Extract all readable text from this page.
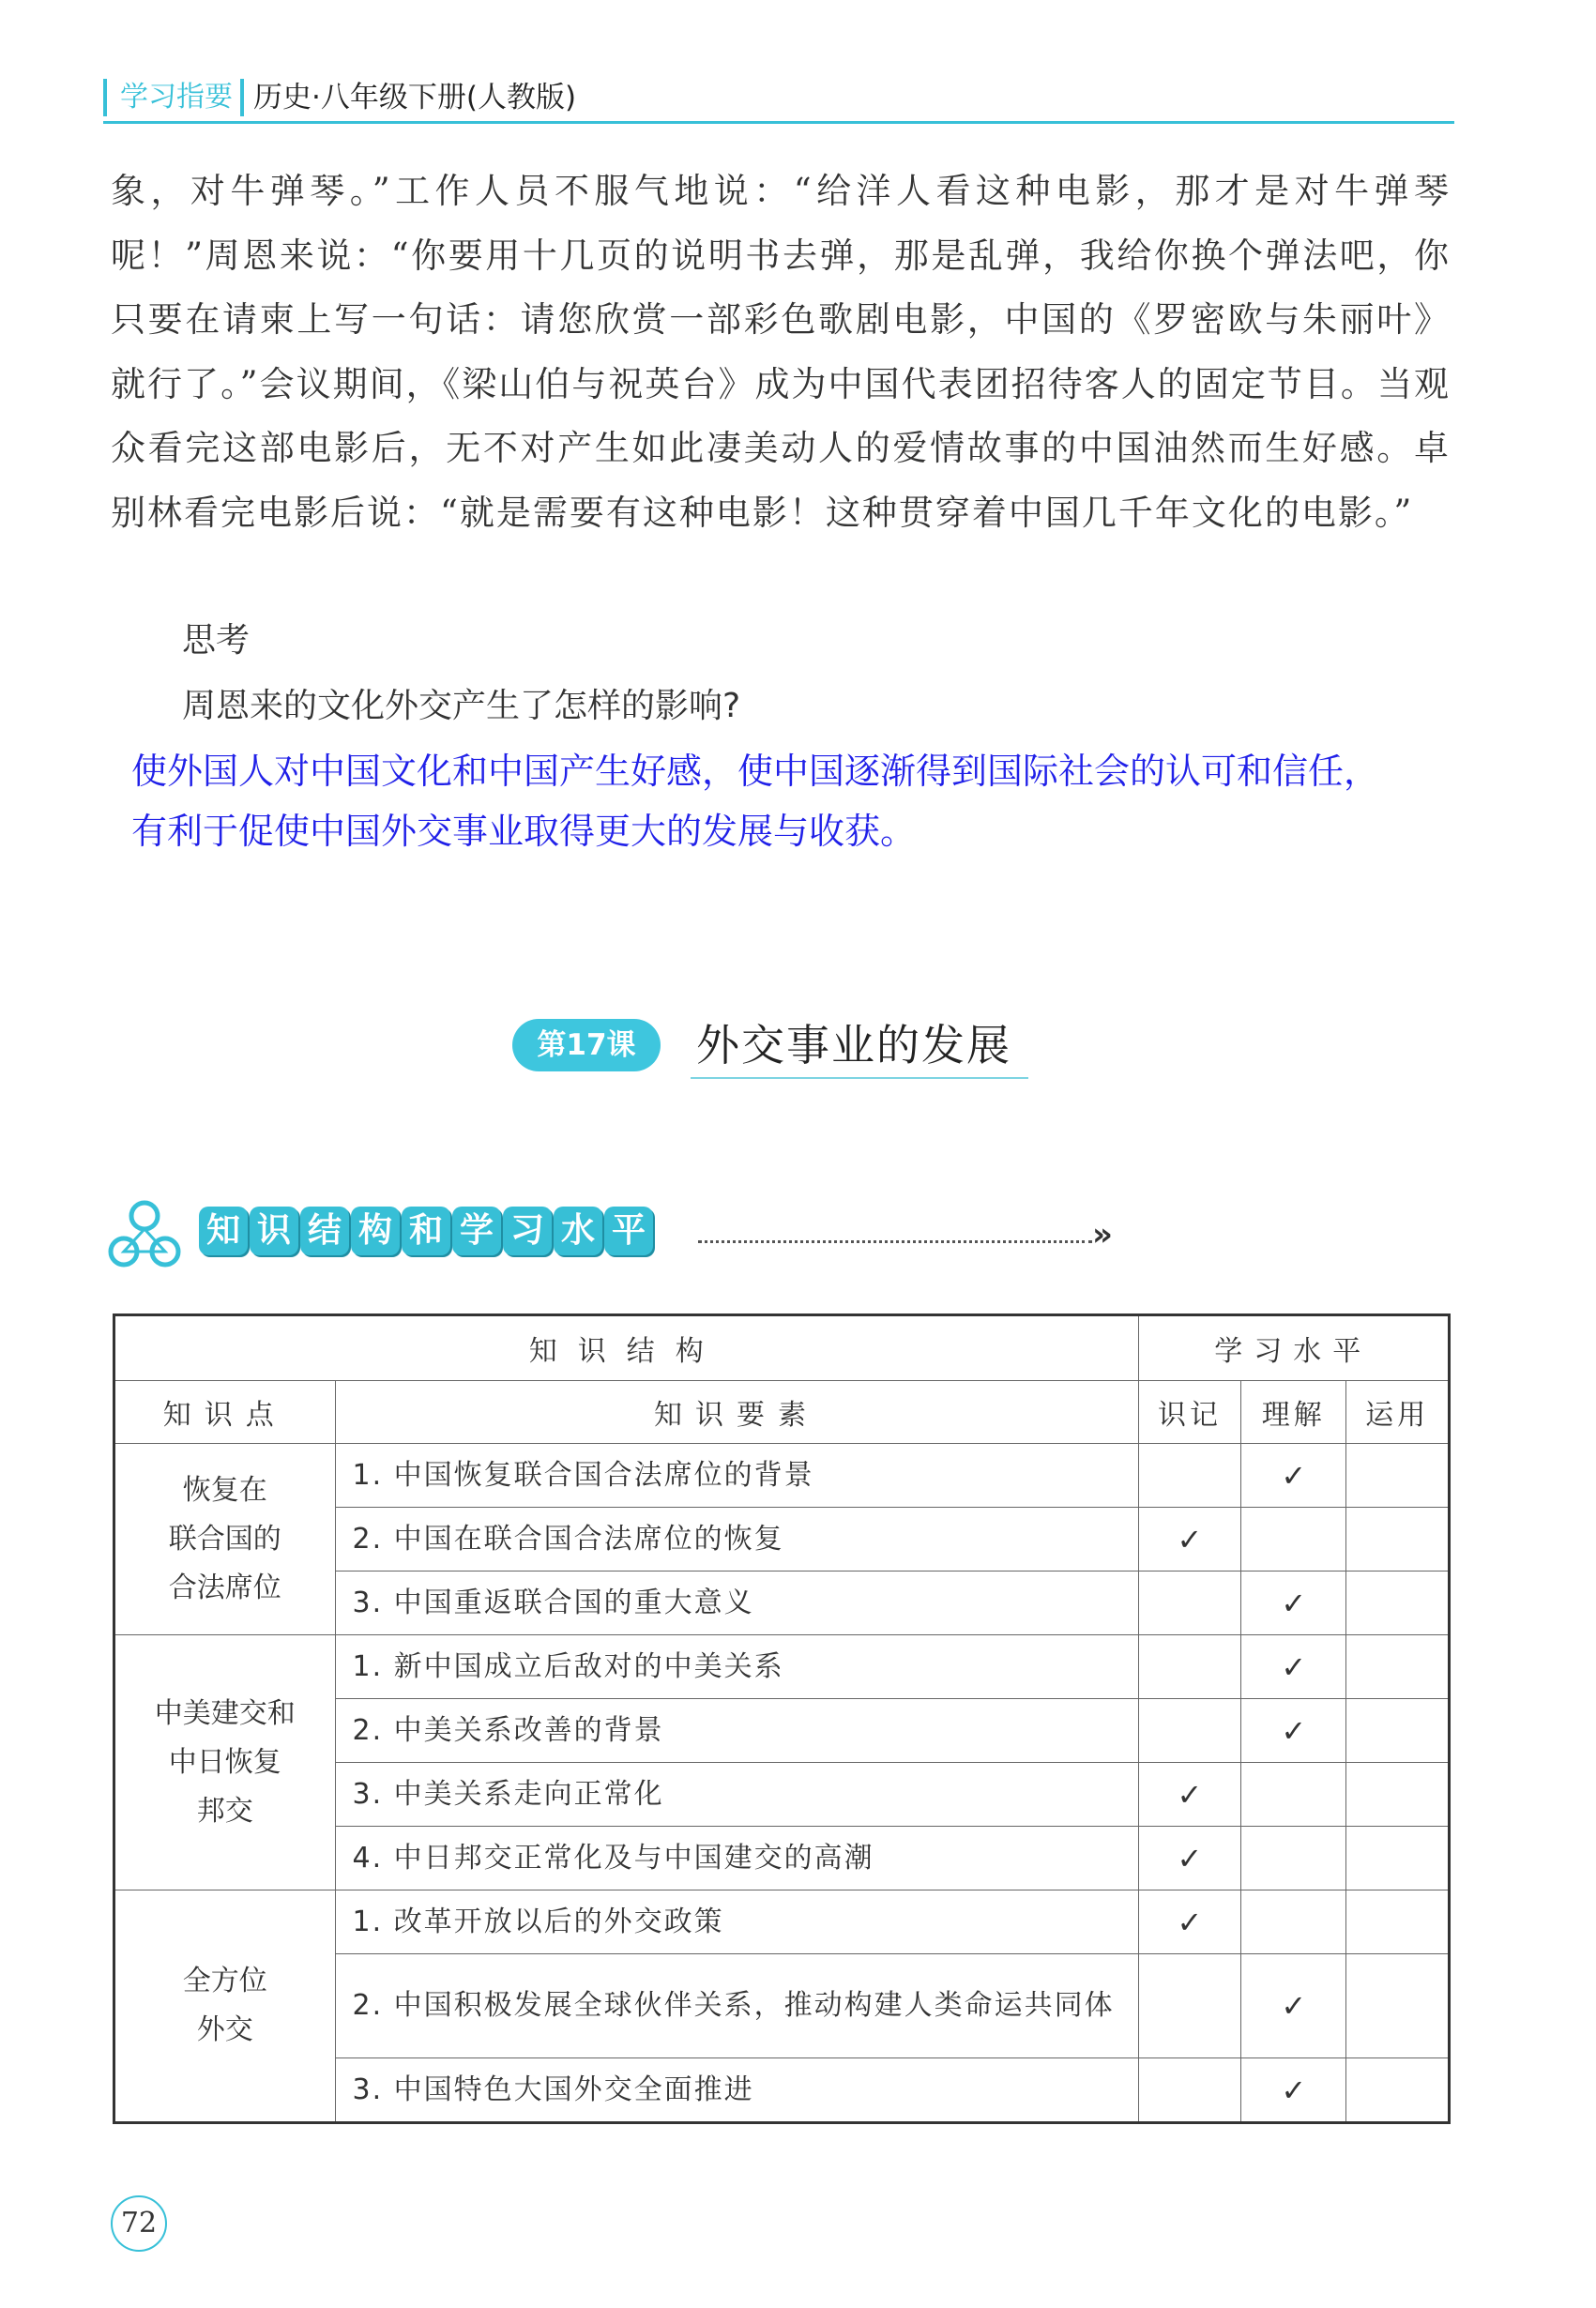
学习指要 历史·八年级下册(人教版)
象，对牛弹琴。”工作人员不服气地说：“给洋人看这种电影，那才是对牛弹琴呢！”周恩来说：“你要用十几页的说明书去弹，那是乱弹，我给你换个弹法吧，你只要在请柬上写一句话：请您欣赏一部彩色歌剧电影，中国的《罗密欧与朱丽叶》就行了。”会议期间，《梁山伯与祝英台》成为中国代表团招待客人的固定节目。当观众看完这部电影后，无不对产生如此凄美动人的爱情故事的中国油然而生好感。卓别林看完电影后说：“就是需要有这种电影！这种贯穿着中国几千年文化的电影。”
思考
周恩来的文化外交产生了怎样的影响?
使外国人对中国文化和中国产生好感，使中国逐渐得到国际社会的认可和信任，有利于促使中国外交事业取得更大的发展与收获。
第17课	外交事业的发展
知 识 结 构 和 学 习 水 平	»
知识结构		学习水平		
知识点	知识要素	识记	理解	运用

恢复在
联合国的
合法席位	1. 中国恢复联合国合法席位的背景		✓	
	2. 中国在联合国合法席位的恢复	✓		
	3. 中国重返联合国的重大意义		✓	

中美建交和
中日恢复
邦交	1. 新中国成立后敌对的中美关系		✓	
	2. 中美关系改善的背景		✓	
	3. 中美关系走向正常化	✓		
	4. 中日邦交正常化及与中国建交的高潮	✓		

全方位
外交	1. 改革开放以后的外交政策	✓		
	2. 中国积极发展全球伙伴关系，推动构建人类命运共同体		✓	
	3. 中国特色大国外交全面推进		✓	
72
